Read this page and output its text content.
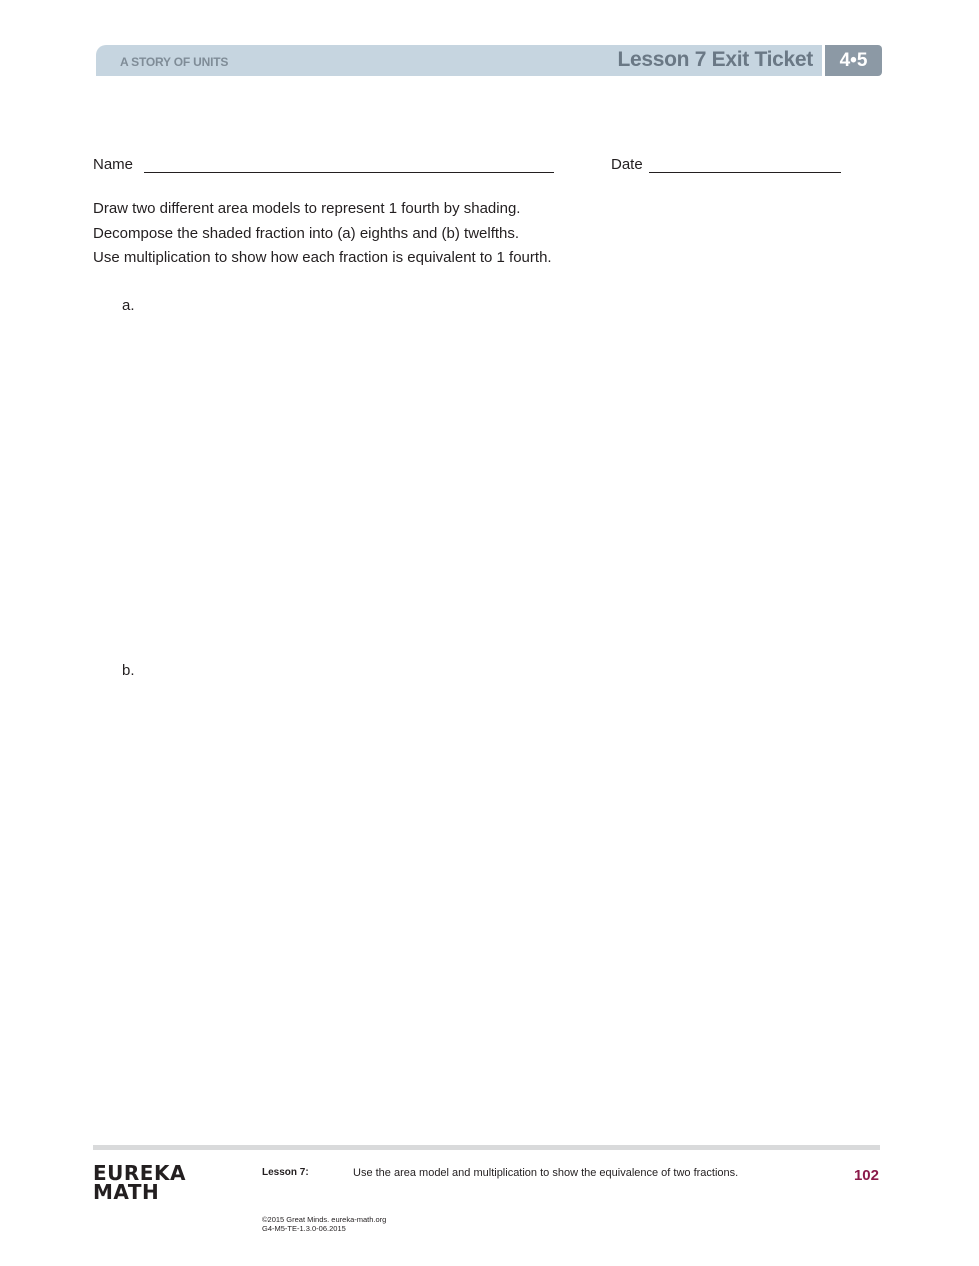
A STORY OF UNITS	Lesson 7 Exit Ticket	4•5
Name	Date
Draw two different area models to represent 1 fourth by shading.
Decompose the shaded fraction into (a) eighths and (b) twelfths.
Use multiplication to show how each fraction is equivalent to 1 fourth.
a.
b.
EUREKA
MATH
Lesson 7:	Use the area model and multiplication to show the equivalence of two fractions.	102
©2015 Great Minds. eureka-math.org
G4-M5-TE-1.3.0-06.2015
